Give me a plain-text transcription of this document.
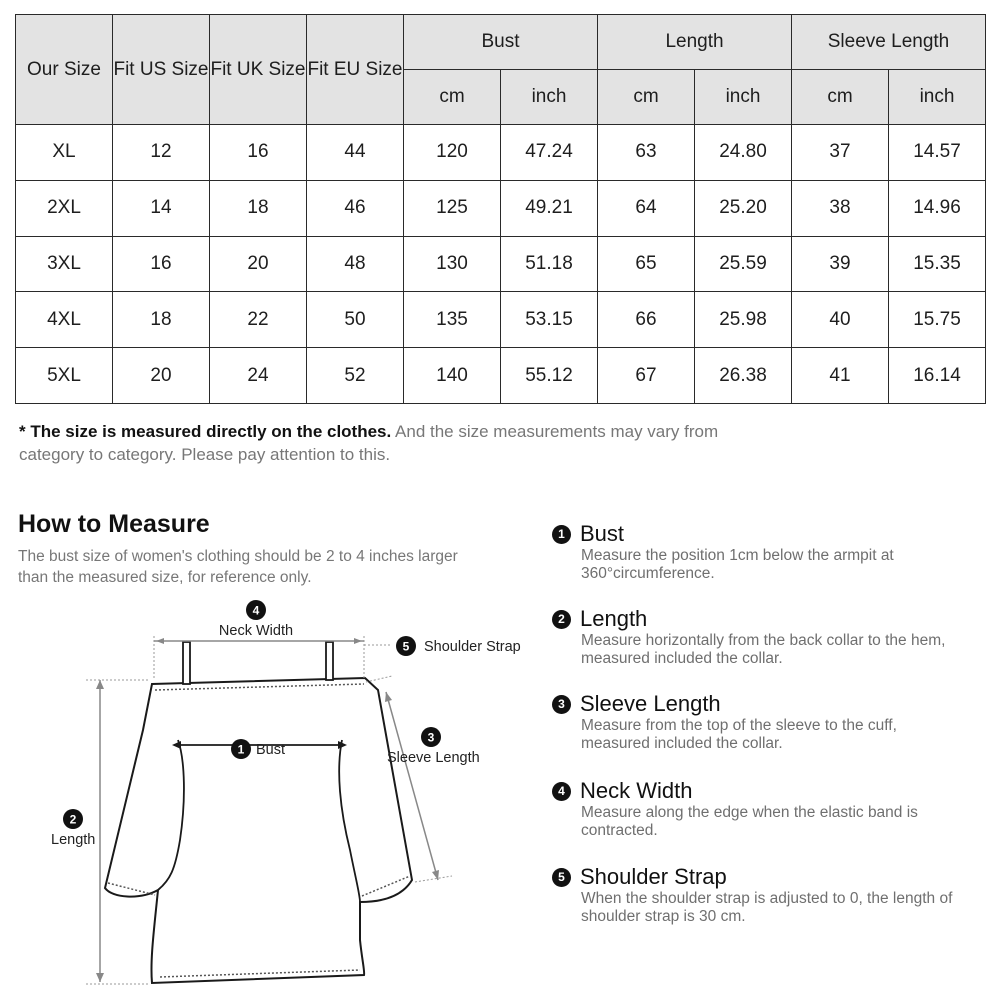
Our Size	Fit US Size	Fit UK Size	Fit EU Size	Bust		Length		Sleeve Length	
				cm	inch	cm	inch	cm	inch
XL	12	16	44	120	47.24	63	24.80	37	14.57
2XL	14	18	46	125	49.21	64	25.20	38	14.96
3XL	16	20	48	130	51.18	65	25.59	39	15.35
4XL	18	22	50	135	53.15	66	25.98	40	15.75
5XL	20	24	52	140	55.12	67	26.38	41	16.14
* The size is measured directly on the clothes. And the size measurements may vary from category to category. Please pay attention to this.
How to Measure
The bust size of women's clothing should be 2 to 4 inches larger than the measured size, for reference only.
4
5
1
3
2
Neck Width
Shoulder Strap
Bust	Sleeve Length
Length
1 Bust
Measure the position 1cm below the armpit at 360°circumference.
2 Length
Measure horizontally from the back collar to the hem, measured included the collar.
3 Sleeve Length
Measure from the top of the sleeve to the cuff, measured included the collar.
4 Neck Width
Measure along the edge when the elastic band is contracted.
5 Shoulder Strap
When the shoulder strap is adjusted to 0, the length of shoulder strap is 30 cm.
